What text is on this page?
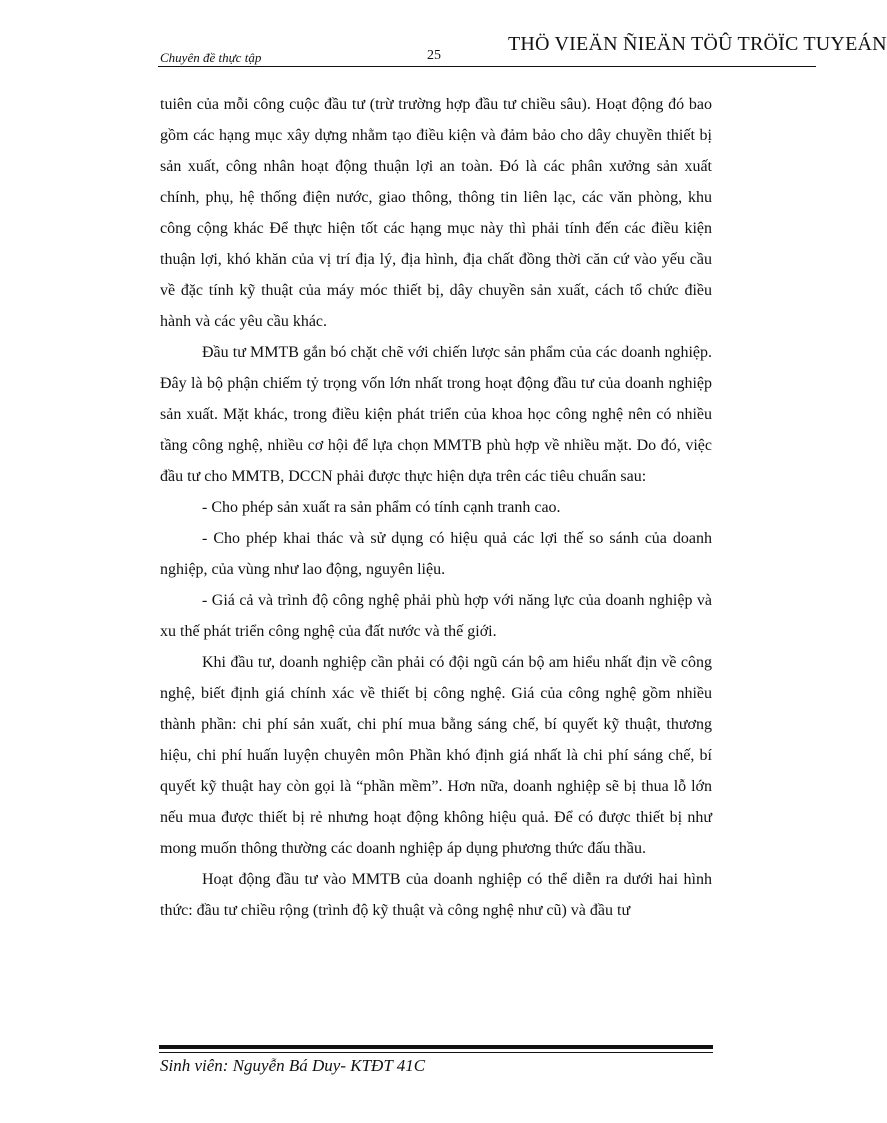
Chuyên đề thực tập	25
THÖ VIEÄN ÑIEÄN TÖÛ TRÖÏC TUYEÁN

tuiên của mỗi công cuộc đầu tư (trừ trường hợp đầu tư chiều sâu). Hoạt động đó bao gồm các hạng mục xây dựng nhằm tạo điều kiện và đảm bảo cho dây chuyền thiết bị sản xuất, công nhân hoạt động thuận lợi an toàn. Đó là các phân xưởng sản xuất chính, phụ, hệ thống điện nước, giao thông, thông tin liên lạc, các văn phòng, khu công cộng khác Để thực hiện tốt các hạng mục này thì phải tính đến các điều kiện thuận lợi, khó khăn của vị trí địa lý, địa hình, địa chất đồng thời căn cứ vào yếu cầu về đặc tính kỹ thuật của máy móc thiết bị, dây chuyền sản xuất, cách tổ chức điều hành và các yêu cầu khác.

Đầu tư MMTB gắn bó chặt chẽ với chiến lược sản phẩm của các doanh nghiệp. Đây là bộ phận chiếm tỷ trọng vốn lớn nhất trong hoạt động đầu tư của doanh nghiệp sản xuất. Mặt khác, trong điều kiện phát triển của khoa học công nghệ nên có nhiều tầng công nghệ, nhiều cơ hội để lựa chọn MMTB phù hợp về nhiều mặt. Do đó, việc đầu tư cho MMTB, DCCN phải được thực hiện dựa trên các tiêu chuẩn sau:

- Cho phép sản xuất ra sản phẩm có tính cạnh tranh cao.

- Cho phép khai thác và sử dụng có hiệu quả các lợi thế so sánh của doanh nghiệp, của vùng như lao động, nguyên liệu.

- Giá cả và trình độ công nghệ phải phù hợp với năng lực của doanh nghiệp và xu thế phát triển công nghệ của đất nước và thế giới.

Khi đầu tư, doanh nghiệp cần phải có đội ngũ cán bộ am hiểu nhất địn về công nghệ, biết định giá chính xác về thiết bị công nghệ. Giá của công nghệ gồm nhiều thành phần: chi phí sản xuất, chi phí mua bằng sáng chế, bí quyết kỹ thuật, thương hiệu, chi phí huấn luyện chuyên môn Phần khó định giá nhất là chi phí sáng chế, bí quyết kỹ thuật hay còn gọi là “phần mềm”. Hơn nữa, doanh nghiệp sẽ bị thua lỗ lớn nếu mua được thiết bị rẻ nhưng hoạt động không hiệu quả. Để có được thiết bị như mong muốn thông thường các doanh nghiệp áp dụng phương thức đấu thầu.

Hoạt động đầu tư vào MMTB của doanh nghiệp có thể diễn ra dưới hai hình thức: đầu tư chiều rộng (trình độ kỹ thuật và công nghệ như cũ) và đầu tư

Sinh viên: Nguyễn Bá Duy- KTĐT 41C
